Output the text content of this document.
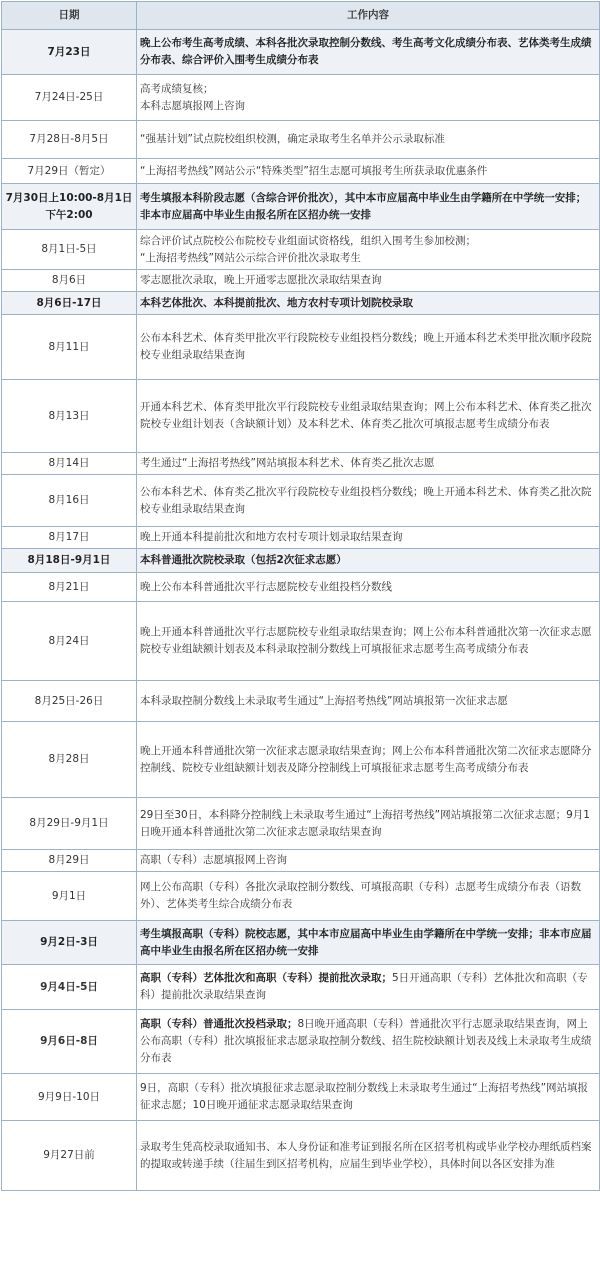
日期	工作内容
7月23日	晚上公布考生高考成绩、本科各批次录取控制分数线、考生高考文化成绩分布表、艺体类考生成绩分布表、综合评价入围考生成绩分布表
7月24日-25日	高考成绩复核；
本科志愿填报网上咨询

7月28日-8月5日	“强基计划”试点院校组织校测，确定录取考生名单并公示录取标准
7月29日（暂定）	“上海招考热线”网站公示“特殊类型”招生志愿可填报考生所获录取优惠条件
7月30日上10:00-8月1日下午2:00	考生填报本科阶段志愿（含综合评价批次），其中本市应届高中毕业生由学籍所在中学统一安排；非本市应届高中毕业生由报名所在区招办统一安排
8月1日-5日	综合评价试点院校公布院校专业组面试资格线，组织入围考生参加校测；
“上海招考热线”网站公示综合评价批次录取考生

8月6日	零志愿批次录取，晚上开通零志愿批次录取结果查询
8月6日-17日	本科艺体批次、本科提前批次、地方农村专项计划院校录取
8月11日	公布本科艺术、体育类甲批次平行段院校专业组投档分数线；晚上开通本科艺术类甲批次顺序段院校专业组录取结果查询
8月13日	开通本科艺术、体育类甲批次平行段院校专业组录取结果查询；网上公布本科艺术、体育类乙批次院校专业组计划表（含缺额计划）及本科艺术、体育类乙批次可填报志愿考生成绩分布表
8月14日	考生通过“上海招考热线”网站填报本科艺术、体育类乙批次志愿
8月16日	公布本科艺术、体育类乙批次平行段院校专业组投档分数线；晚上开通本科艺术、体育类乙批次院校专业组录取结果查询
8月17日	晚上开通本科提前批次和地方农村专项计划录取结果查询
8月18日-9月1日	本科普通批次院校录取（包括2次征求志愿）
8月21日	晚上公布本科普通批次平行志愿院校专业组投档分数线
8月24日	晚上开通本科普通批次平行志愿院校专业组录取结果查询；网上公布本科普通批次第一次征求志愿院校专业组缺额计划表及本科录取控制分数线上可填报征求志愿考生高考成绩分布表
8月25日-26日	本科录取控制分数线上未录取考生通过“上海招考热线”网站填报第一次征求志愿
8月28日	晚上开通本科普通批次第一次征求志愿录取结果查询；网上公布本科普通批次第二次征求志愿降分控制线、院校专业组缺额计划表及降分控制线上可填报征求志愿考生高考成绩分布表
8月29日-9月1日	29日至30日，本科降分控制线上未录取考生通过“上海招考热线”网站填报第二次征求志愿；9月1日晚开通本科普通批次第二次征求志愿录取结果查询
8月29日	高职（专科）志愿填报网上咨询
9月1日	网上公布高职（专科）各批次录取控制分数线、可填报高职（专科）志愿考生成绩分布表（语数外）、艺体类考生综合成绩分布表
9月2日-3日	考生填报高职（专科）院校志愿，其中本市应届高中毕业生由学籍所在中学统一安排；非本市应届高中毕业生由报名所在区招办统一安排
9月4日-5日	高职（专科）艺体批次和高职（专科）提前批次录取；5日开通高职（专科）艺体批次和高职（专科）提前批次录取结果查询
9月6日-8日	高职（专科）普通批次投档录取；8日晚开通高职（专科）普通批次平行志愿录取结果查询，网上公布高职（专科）批次填报征求志愿录取控制分数线、招生院校缺额计划表及线上未录取考生成绩分布表
9月9日-10日	9日，高职（专科）批次填报征求志愿录取控制分数线上未录取考生通过“上海招考热线”网站填报征求志愿；10日晚开通征求志愿录取结果查询
9月27日前	录取考生凭高校录取通知书、本人身份证和准考证到报名所在区招考机构或毕业学校办理纸质档案的提取或转递手续（往届生到区招考机构，应届生到毕业学校），具体时间以各区安排为准
